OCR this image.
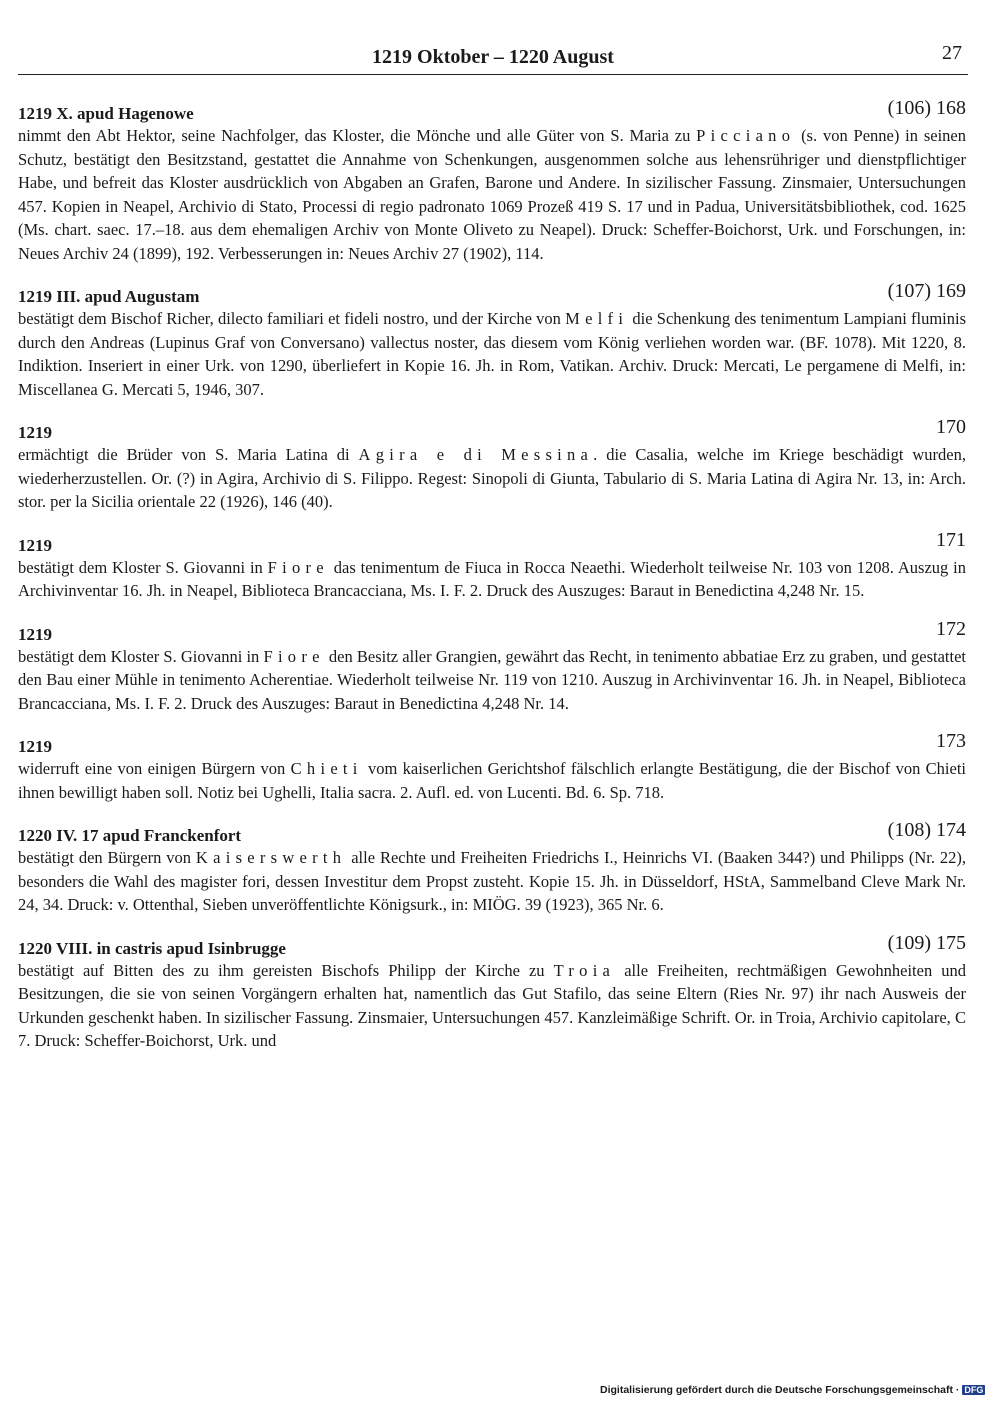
1219 Oktober – 1220 August	27
1219 X. apud Hagenowe	(106) 168

nimmt den Abt Hektor, seine Nachfolger, das Kloster, die Mönche und alle Güter von S. Maria zu Picciano (s. von Penne) in seinen Schutz, bestätigt den Besitzstand, gestattet die Annahme von Schenkungen, ausgenommen solche aus lehensrühriger und dienstpflichtiger Habe, und befreit das Kloster ausdrücklich von Abgaben an Grafen, Barone und Andere. In sizilischer Fassung. Zinsmaier, Untersuchungen 457. Kopien in Neapel, Archivio di Stato, Processi di regio padronato 1069 Prozeß 419 S. 17 und in Padua, Universitätsbibliothek, cod. 1625 (Ms. chart. saec. 17.–18. aus dem ehemaligen Archiv von Monte Oliveto zu Neapel). Druck: Scheffer-Boichorst, Urk. und Forschungen, in: Neues Archiv 24 (1899), 192. Verbesserungen in: Neues Archiv 27 (1902), 114.

1219 III. apud Augustam	(107) 169

bestätigt dem Bischof Richer, dilecto familiari et fideli nostro, und der Kirche von Melfi die Schenkung des tenimentum Lampiani fluminis durch den Andreas (Lupinus Graf von Conversano) vallectus noster, das diesem vom König verliehen worden war. (BF. 1078). Mit 1220, 8. Indiktion. Inseriert in einer Urk. von 1290, überliefert in Kopie 16. Jh. in Rom, Vatikan. Archiv. Druck: Mercati, Le pergamene di Melfi, in: Miscellanea G. Mercati 5, 1946, 307.

1219	170

ermächtigt die Brüder von S. Maria Latina di Agira e di Messina. die Casalia, welche im Kriege beschädigt wurden, wiederherzustellen. Or. (?) in Agira, Archivio di S. Filippo. Regest: Sinopoli di Giunta, Tabulario di S. Maria Latina di Agira Nr. 13, in: Arch. stor. per la Sicilia orientale 22 (1926), 146 (40).

1219	171

bestätigt dem Kloster S. Giovanni in Fiore das tenimentum de Fiuca in Rocca Neaethi. Wiederholt teilweise Nr. 103 von 1208. Auszug in Archivinventar 16. Jh. in Neapel, Biblioteca Brancacciana, Ms. I. F. 2. Druck des Auszuges: Baraut in Benedictina 4,248 Nr. 15.

1219	172

bestätigt dem Kloster S. Giovanni in Fiore den Besitz aller Grangien, gewährt das Recht, in tenimento abbatiae Erz zu graben, und gestattet den Bau einer Mühle in tenimento Acherentiae. Wiederholt teilweise Nr. 119 von 1210. Auszug in Archivinventar 16. Jh. in Neapel, Biblioteca Brancacciana, Ms. I. F. 2. Druck des Auszuges: Baraut in Benedictina 4,248 Nr. 14.

1219	173

widerruft eine von einigen Bürgern von Chieti vom kaiserlichen Gerichtshof fälschlich erlangte Bestätigung, die der Bischof von Chieti ihnen bewilligt haben soll. Notiz bei Ughelli, Italia sacra. 2. Aufl. ed. von Lucenti. Bd. 6. Sp. 718.

1220 IV. 17 apud Franckenfort	(108) 174

bestätigt den Bürgern von Kaiserswerth alle Rechte und Freiheiten Friedrichs I., Heinrichs VI. (Baaken 344?) und Philipps (Nr. 22), besonders die Wahl des magister fori, dessen Investitur dem Propst zusteht. Kopie 15. Jh. in Düsseldorf, HStA, Sammelband Cleve Mark Nr. 24, 34. Druck: v. Ottenthal, Sieben unveröffentlichte Königsurk., in: MIÖG. 39 (1923), 365 Nr. 6.

1220 VIII. in castris apud Isinbrugge	(109) 175

bestätigt auf Bitten des zu ihm gereisten Bischofs Philipp der Kirche zu Troia alle Freiheiten, rechtmäßigen Gewohnheiten und Besitzungen, die sie von seinen Vorgängern erhalten hat, namentlich das Gut Stafilo, das seine Eltern (Ries Nr. 97) ihr nach Ausweis der Urkunden geschenkt haben. In sizilischer Fassung. Zinsmaier, Untersuchungen 457. Kanzleimäßige Schrift. Or. in Troia, Archivio capitolare, C 7. Druck: Scheffer-Boichorst, Urk. und

Digitalisierung gefördert durch die Deutsche Forschungsgemeinschaft · DFG
